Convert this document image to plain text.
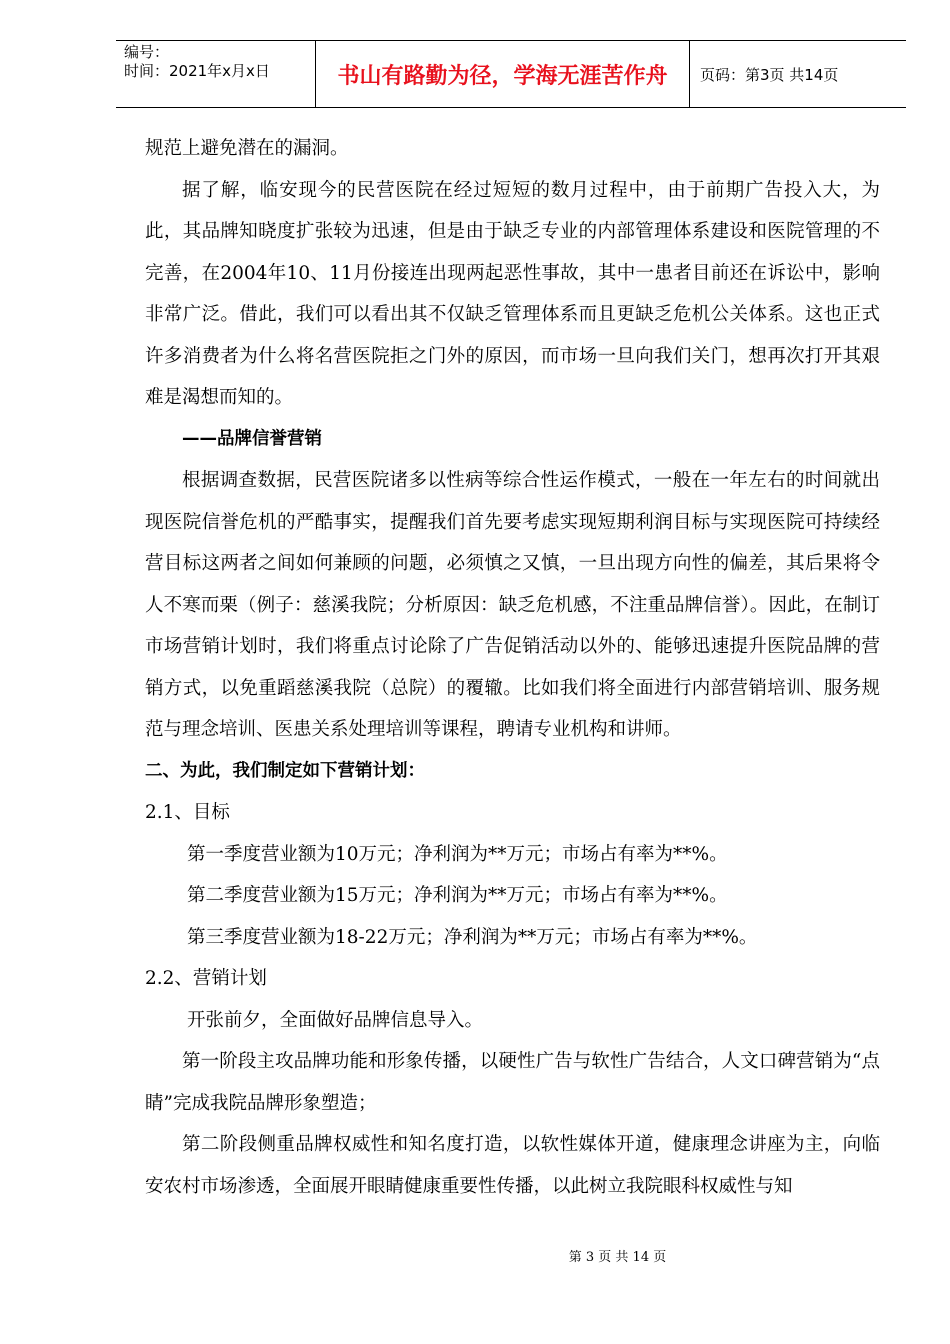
编号：
时间：2021年x月x日	书山有路勤为径，学海无涯苦作舟	页码：第3页 共14页

规范上避免潜在的漏洞。

据了解，临安现今的民营医院在经过短短的数月过程中，由于前期广告投入大，为此，其品牌知晓度扩张较为迅速，但是由于缺乏专业的内部管理体系建设和医院管理的不完善，在2004年10、11月份接连出现两起恶性事故，其中一患者目前还在诉讼中，影响非常广泛。借此，我们可以看出其不仅缺乏管理体系而且更缺乏危机公关体系。这也正式许多消费者为什么将名营医院拒之门外的原因，而市场一旦向我们关门，想再次打开其艰难是渴想而知的。

——品牌信誉营销

根据调查数据，民营医院诸多以性病等综合性运作模式，一般在一年左右的时间就出现医院信誉危机的严酷事实，提醒我们首先要考虑实现短期利润目标与实现医院可持续经营目标这两者之间如何兼顾的问题，必须慎之又慎，一旦出现方向性的偏差，其后果将令人不寒而栗（例子：慈溪我院；分析原因：缺乏危机感，不注重品牌信誉）。因此，在制订市场营销计划时，我们将重点讨论除了广告促销活动以外的、能够迅速提升医院品牌的营销方式，以免重蹈慈溪我院（总院）的覆辙。比如我们将全面进行内部营销培训、服务规范与理念培训、医患关系处理培训等课程，聘请专业机构和讲师。

二、为此，我们制定如下营销计划：

2.1、目标

第一季度营业额为10万元；净利润为**万元；市场占有率为**%。

第二季度营业额为15万元；净利润为**万元；市场占有率为**%。

第三季度营业额为18-22万元；净利润为**万元；市场占有率为**%。

2.2、营销计划

开张前夕，全面做好品牌信息导入。

第一阶段主攻品牌功能和形象传播，以硬性广告与软性广告结合，人文口碑营销为“点睛”完成我院品牌形象塑造；

第二阶段侧重品牌权威性和知名度打造，以软性媒体开道，健康理念讲座为主，向临安农村市场渗透，全面展开眼睛健康重要性传播，以此树立我院眼科权威性与知

第 3 页 共 14 页
